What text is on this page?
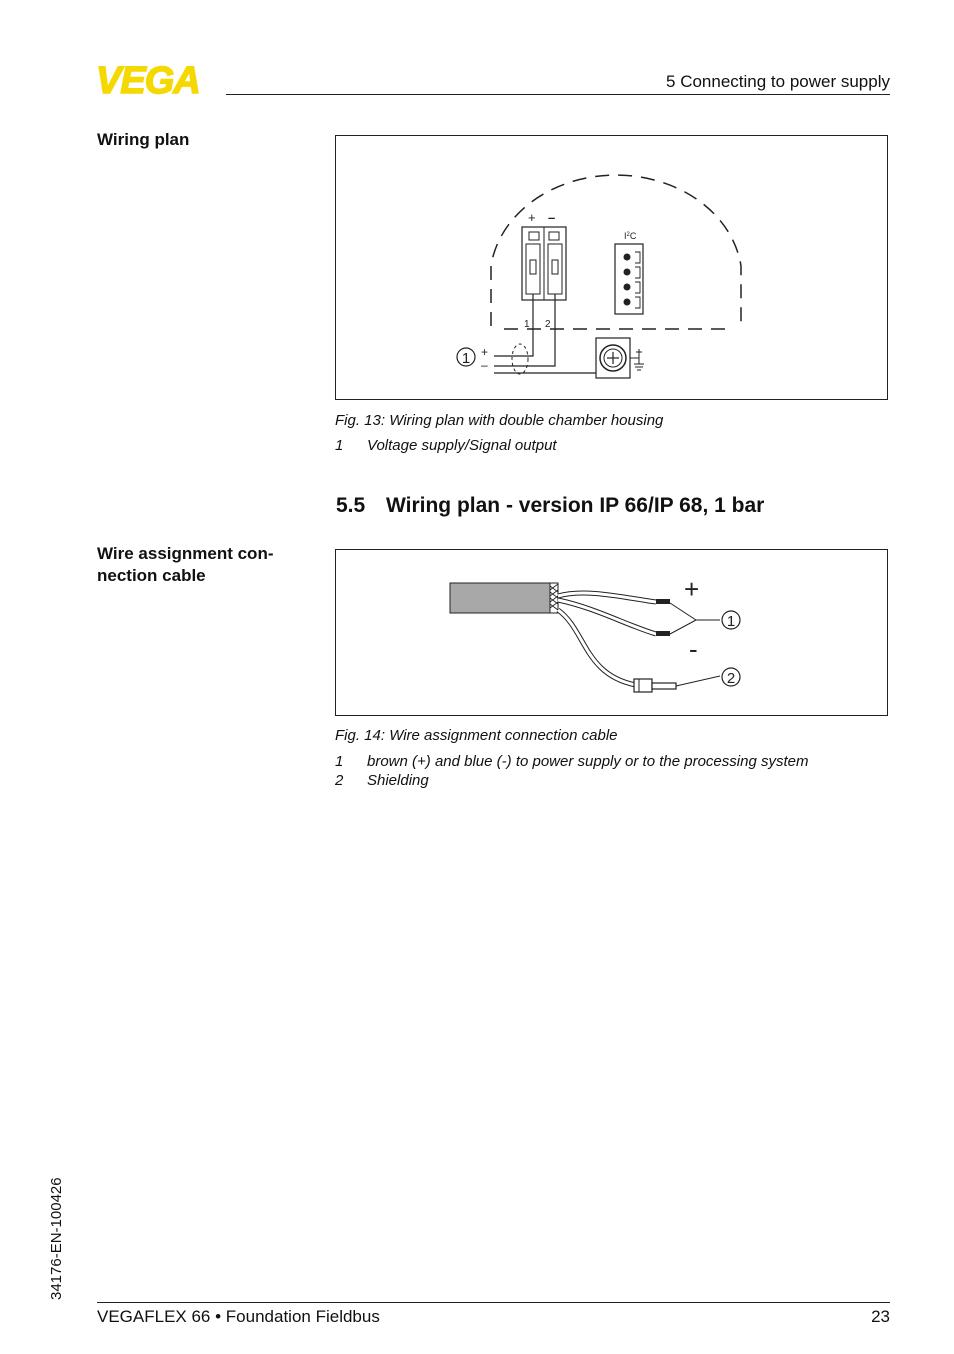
VEGA	5 Connecting to power supply
Wiring plan
+ –
1 2
$I^2C$
1 +
–
Fig. 13: Wiring plan with double chamber housing
1 Voltage supply/Signal output
5.5 Wiring plan - version IP 66/IP 68, 1 bar
Wire assignment con-
nection cable	+
-
1
2
Fig. 14: Wire assignment connection cable
1 brown (+) and blue (-) to power supply or to the processing system
2 Shielding
34176-EN-100426
VEGAFLEX 66 • Foundation Fieldbus	23
